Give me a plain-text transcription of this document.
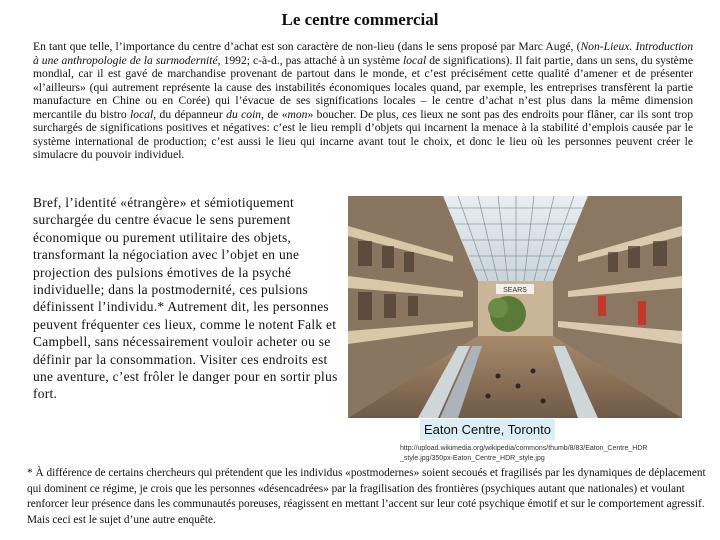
Le centre commercial

En tant que telle, l’importance du centre d’achat est son caractère de non-lieu (dans le sens proposé par Marc Augé, (Non-Lieux. Introduction à une anthropologie de la surmodernité, 1992; c-à-d., pas attaché à un système local de significations). Il fait partie, dans un sens, du système mondial, car il est gavé de marchandise provenant de partout dans le monde, et c’est précisément cette qualité d’amener et de présenter «l’ailleurs» (qui autrement représente la cause des instabilités économiques locales quand, par exemple, les entreprises transfèrent la partie manufacture en Chine ou en Corée) qui l’évacue de ses significations locales – le centre d’achat n’est plus dans la même dimension mercantile du bistro local, du dépanneur du coin, de «mon» boucher. De plus, ces lieux ne sont pas des endroits pour flâner, car ils sont trop surchargés de significations positives et négatives: c’est le lieu rempli d’objets qui incarnent la menace à la stabilité d’emplois causée par le système international de production; c’est aussi le lieu qui incarne avant tout le choix, et donc le lieu où les personnes peuvent créer le simulacre du pouvoir individuel.

Bref, l’identité «étrangère» et sémiotiquement surchargée du centre évacue le sens purement économique ou purement utilitaire des objets, transformant la négociation avec l’objet en une projection des pulsions émotives de la psyché individuelle; dans la postmodernité, ces pulsions définissent l’individu.* Autrement dit, les personnes peuvent fréquenter ces lieux, comme le notent Falk et Campbell, sans nécessairement vouloir acheter ou se définir par la consommation. Visiter ces endroits est une aventure, c’est frôler le danger pour en sortir plus fort.

SEARS
Eaton Centre, Toronto
http://upload.wikimedia.org/wikipedia/commons/thumb/8/83/Eaton_Centre_HDR_style.jpg/350px-Eaton_Centre_HDR_style.jpg

* À différence de certains chercheurs qui prétendent que les individus «postmodernes» soient secoués et fragilisés par les dynamiques de déplacement qui dominent ce régime, je crois que les personnes «désencadrées» par la fragilisation des frontières (psychiques autant que nationales) et voulant renforcer leur présence dans les communautés poreuses, réagissent en mettant l’accent sur leur coté psychique émotif et sur le comportement agressif. Mais ceci est le sujet d’une autre enquête.
